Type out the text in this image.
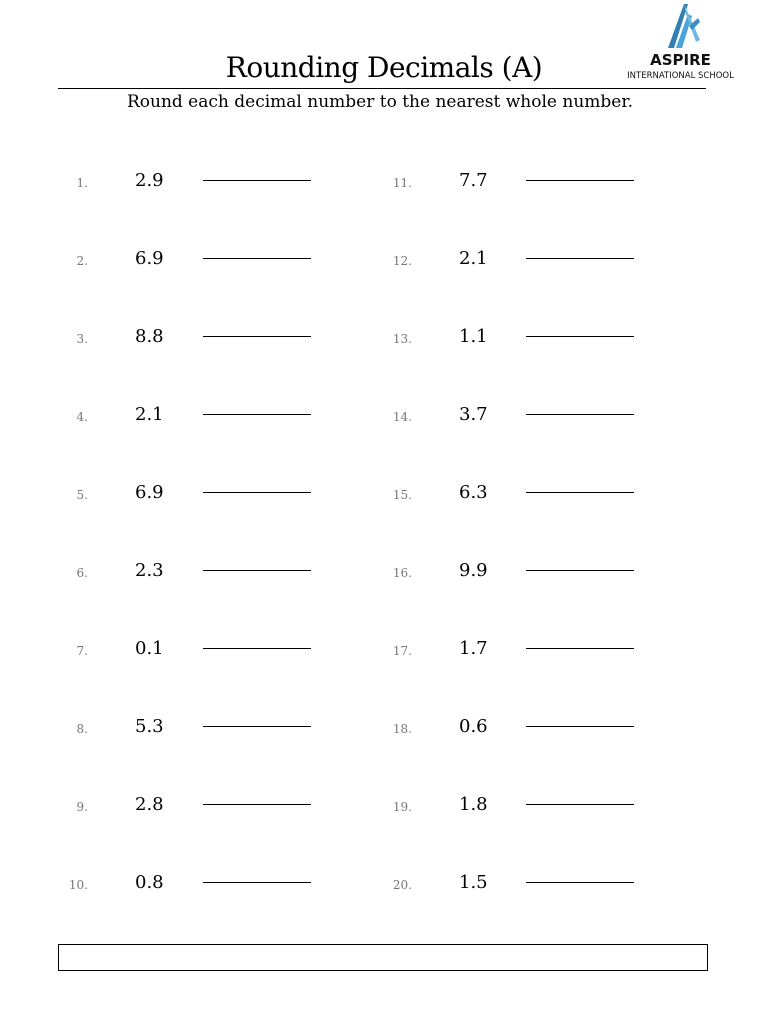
Rounding Decimals (A)	ASPIRE
INTERNATIONAL SCHOOL
Round each decimal number to the nearest whole number.
1.	2.9
2.	6.9
3.	8.8
4.	2.1
5.	6.9
6.	2.3
7.	0.1
8.	5.3
9.	2.8
10.	0.8
11.	7.7
12.	2.1
13.	1.1
14.	3.7
15.	6.3
16.	9.9
17.	1.7
18.	0.6
19.	1.8
20.	1.5
